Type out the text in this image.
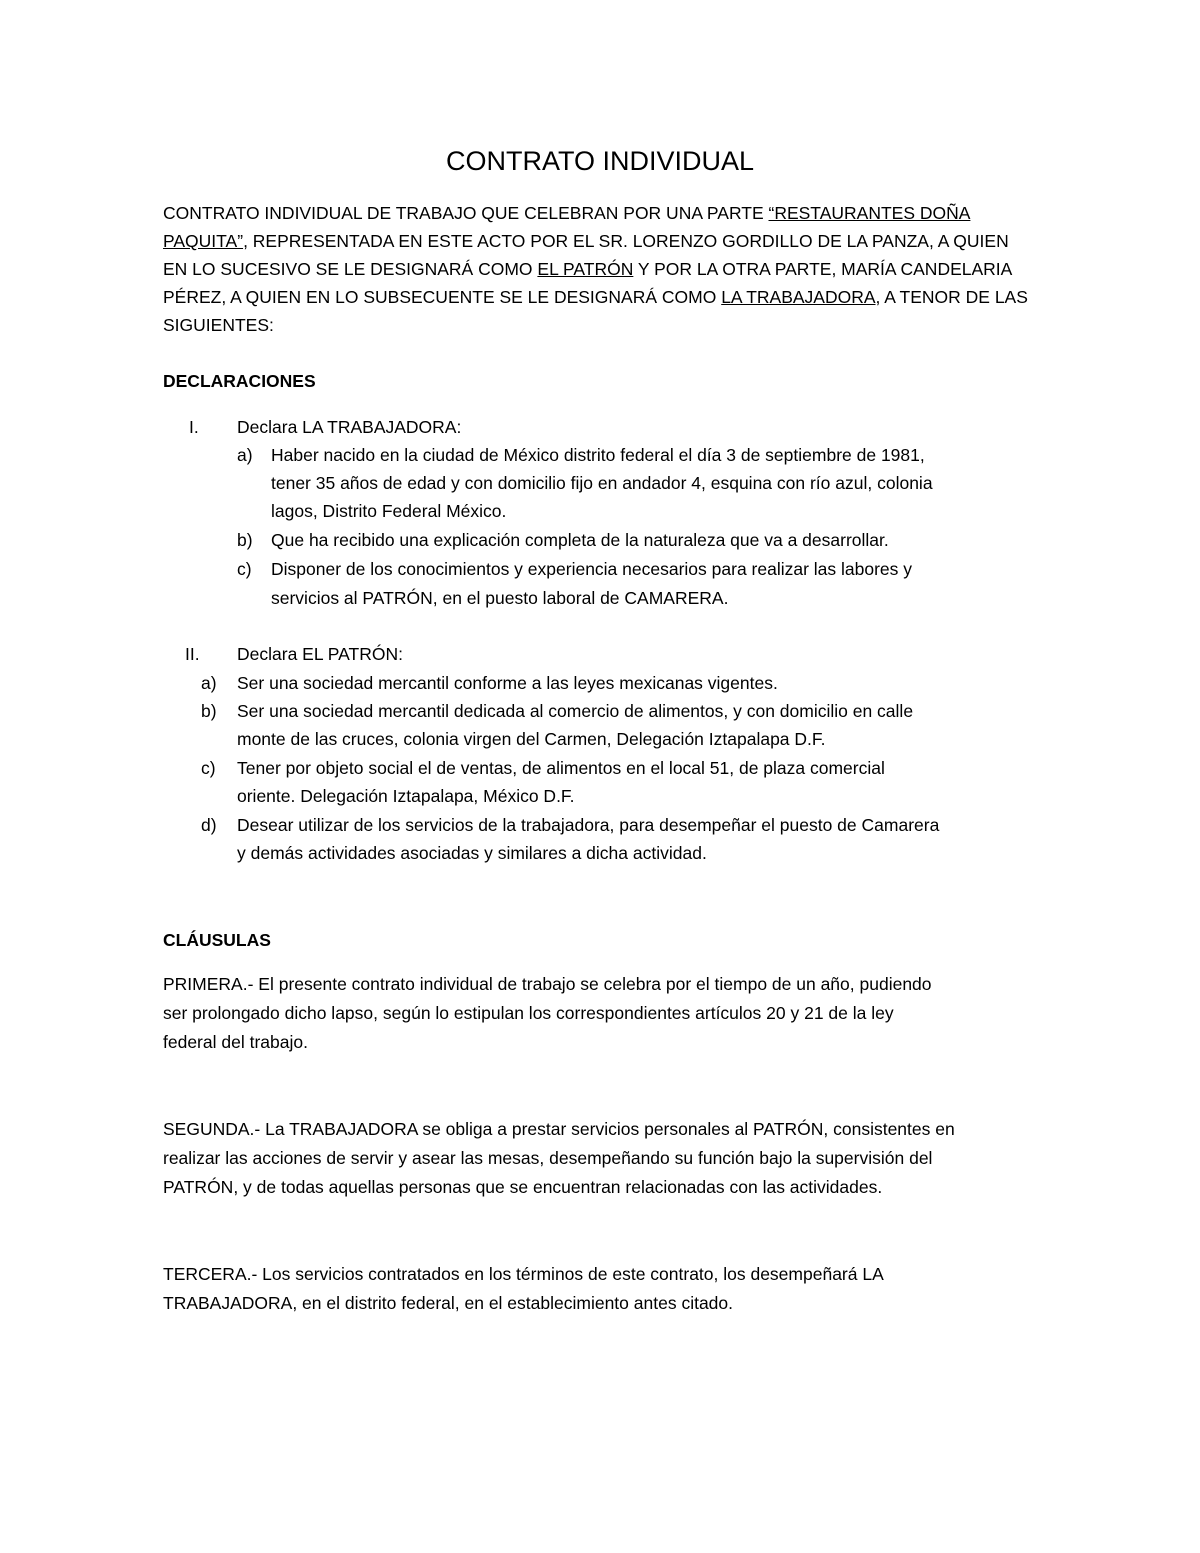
CONTRATO INDIVIDUAL
CONTRATO INDIVIDUAL DE TRABAJO QUE CELEBRAN POR UNA PARTE “RESTAURANTES DOÑA
PAQUITA”, REPRESENTADA EN ESTE ACTO POR EL SR. LORENZO GORDILLO DE LA PANZA, A QUIEN
EN LO SUCESIVO SE LE DESIGNARÁ COMO EL PATRÓN Y POR LA OTRA PARTE, MARÍA CANDELARIA
PÉREZ, A QUIEN EN LO SUBSECUENTE SE LE DESIGNARÁ COMO LA TRABAJADORA, A TENOR DE LAS
SIGUIENTES:
DECLARACIONES
I. Declara LA TRABAJADORA:
a) Haber nacido en la ciudad de México distrito federal el día 3 de septiembre de 1981,
tener 35 años de edad y con domicilio fijo en andador 4, esquina con río azul, colonia
lagos, Distrito Federal México.
b) Que ha recibido una explicación completa de la naturaleza que va a desarrollar.
c) Disponer de los conocimientos y experiencia necesarios para realizar las labores y
servicios al PATRÓN, en el puesto laboral de CAMARERA.
II. Declara EL PATRÓN:
a) Ser una sociedad mercantil conforme a las leyes mexicanas vigentes.
b) Ser una sociedad mercantil dedicada al comercio de alimentos, y con domicilio en calle
monte de las cruces, colonia virgen del Carmen, Delegación Iztapalapa D.F.
c) Tener por objeto social el de ventas, de alimentos en el local 51, de plaza comercial
oriente. Delegación Iztapalapa, México D.F.
d) Desear utilizar de los servicios de la trabajadora, para desempeñar el puesto de Camarera
y demás actividades asociadas y similares a dicha actividad.
CLÁUSULAS
PRIMERA.- El presente contrato individual de trabajo se celebra por el tiempo de un año, pudiendo
ser prolongado dicho lapso, según lo estipulan los correspondientes artículos 20 y 21 de la ley
federal del trabajo.
SEGUNDA.- La TRABAJADORA se obliga a prestar servicios personales al PATRÓN, consistentes en
realizar las acciones de servir y asear las mesas, desempeñando su función bajo la supervisión del
PATRÓN, y de todas aquellas personas que se encuentran relacionadas con las actividades.
TERCERA.- Los servicios contratados en los términos de este contrato, los desempeñará LA
TRABAJADORA, en el distrito federal, en el establecimiento antes citado.
